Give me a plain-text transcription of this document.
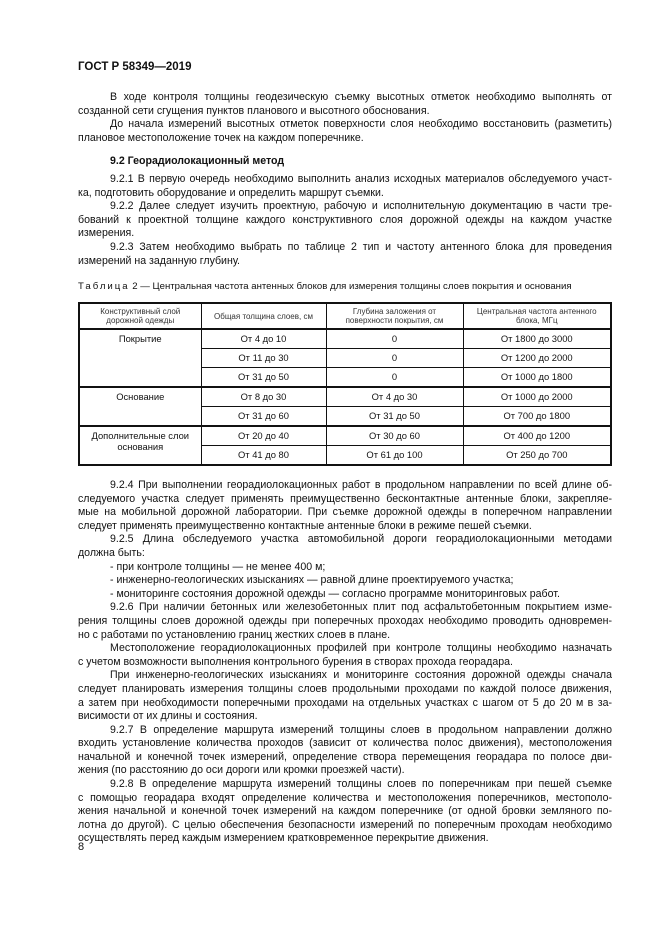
ГОСТ Р 58349—2019
В ходе контроля толщины геодезическую съемку высотных отметок необходимо выполнять от
созданной сети сгущения пунктов планового и высотного обоснования.
До начала измерений высотных отметок поверхности слоя необходимо восстановить (разметить)
плановое местоположение точек на каждом поперечнике.
9.2 Георадиолокационный метод
9.2.1 В первую очередь необходимо выполнить анализ исходных материалов обследуемого участ-
ка, подготовить оборудование и определить маршрут съемки.
9.2.2 Далее следует изучить проектную, рабочую и исполнительную документацию в части тре-
бований к проектной толщине каждого конструктивного слоя дорожной одежды на каждом участке
измерения.
9.2.3 Затем необходимо выбрать по таблице 2 тип и частоту антенного блока для проведения
измерений на заданную глубину.
Таблица 2 — Центральная частота антенных блоков для измерения толщины слоев покрытия и основания
Конструктивный слой дорожной одежды	Общая толщина слоев, см	Глубина заложения от поверхности покрытия, см	Центральная частота антенного блока, МГц
Покрытие	От 4 до 10	0	От 1800 до 3000
	От 11 до 30	0	От 1200 до 2000
	От 31 до 50	0	От 1000 до 1800
Основание	От 8 до 30	От 4 до 30	От 1000 до 2000
	От 31 до 60	От 31 до 50	От 700 до 1800
Дополнительные слои основания	От 20 до 40	От 30 до 60	От 400 до 1200
	От 41 до 80	От 61 до 100	От 250 до 700
9.2.4 При выполнении георадиолокационных работ в продольном направлении по всей длине об-
следуемого участка следует применять преимущественно бесконтактные антенные блоки, закрепляе-
мые на мобильной дорожной лаборатории. При съемке дорожной одежды в поперечном направлении
следует применять преимущественно контактные антенные блоки в режиме пешей съемки.
9.2.5 Длина обследуемого участка автомобильной дороги георадиолокационными методами
должна быть:
- при контроле толщины — не менее 400 м;
- инженерно-геологических изысканиях — равной длине проектируемого участка;
- мониторинге состояния дорожной одежды — согласно программе мониторинговых работ.
9.2.6 При наличии бетонных или железобетонных плит под асфальтобетонным покрытием изме-
рения толщины слоев дорожной одежды при поперечных проходах необходимо проводить одновремен-
но с работами по установлению границ жестких слоев в плане.
Местоположение георадиолокационных профилей при контроле толщины необходимо назначать
с учетом возможности выполнения контрольного бурения в створах прохода георадара.
При инженерно-геологических изысканиях и мониторинге состояния дорожной одежды сначала
следует планировать измерения толщины слоев продольными проходами по каждой полосе движения,
а затем при необходимости поперечными проходами на отдельных участках с шагом от 5 до 20 м в за-
висимости от их длины и состояния.
9.2.7 В определение маршрута измерений толщины слоев в продольном направлении должно
входить установление количества проходов (зависит от количества полос движения), местоположения
начальной и конечной точек измерений, определение створа перемещения георадара по полосе дви-
жения (по расстоянию до оси дороги или кромки проезжей части).
9.2.8 В определение маршрута измерений толщины слоев по поперечникам при пешей съемке
с помощью георадара входят определение количества и местоположения поперечников, местополо-
жения начальной и конечной точек измерений на каждом поперечнике (от одной бровки земляного по-
лотна до другой). С целью обеспечения безопасности измерений по поперечным проходам необходимо
осуществлять перед каждым измерением кратковременное перекрытие движения.
8
